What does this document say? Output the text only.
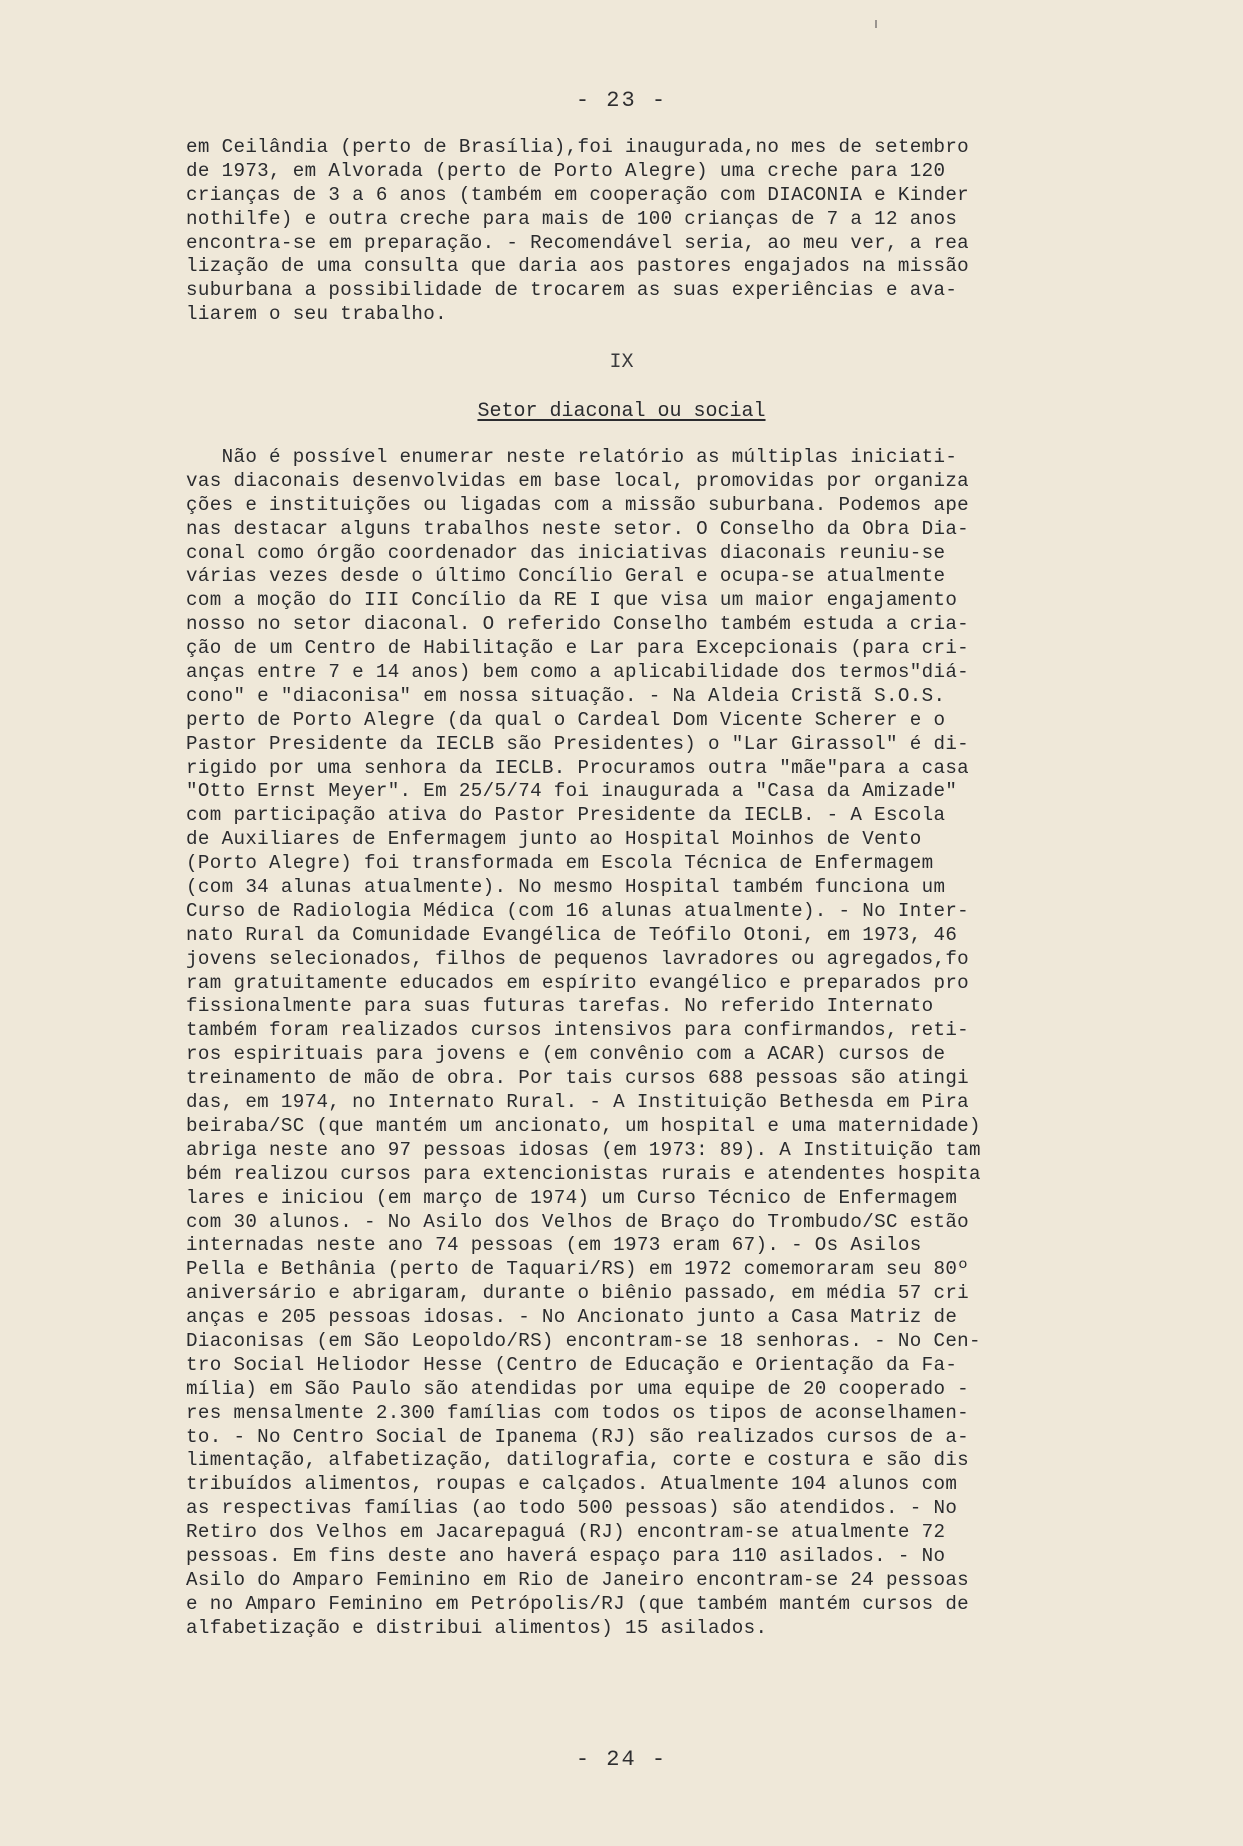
- 23 -
em Ceilândia (perto de Brasília),foi inaugurada,no mes de setembro
de 1973, em Alvorada (perto de Porto Alegre) uma creche para 120
crianças de 3 a 6 anos (também em cooperação com DIACONIA e Kinder
nothilfe) e outra creche para mais de 100 crianças de 7 a 12 anos
encontra-se em preparação. - Recomendável seria, ao meu ver, a rea
lização de uma consulta que daria aos pastores engajados na missão
suburbana a possibilidade de trocarem as suas experiências e ava-
liarem o seu trabalho.
IX
Setor diaconal ou social
Não é possível enumerar neste relatório as múltiplas iniciati-
vas diaconais desenvolvidas em base local, promovidas por organiza
ções e instituições ou ligadas com a missão suburbana. Podemos ape
nas destacar alguns trabalhos neste setor. O Conselho da Obra Dia-
conal como órgão coordenador das iniciativas diaconais reuniu-se
várias vezes desde o último Concílio Geral e ocupa-se atualmente
com a moção do III Concílio da RE I que visa um maior engajamento
nosso no setor diaconal. O referido Conselho também estuda a cria-
ção de um Centro de Habilitação e Lar para Excepcionais (para cri-
anças entre 7 e 14 anos) bem como a aplicabilidade dos termos"diá-
cono" e "diaconisa" em nossa situação. - Na Aldeia Cristã S.O.S.
perto de Porto Alegre (da qual o Cardeal Dom Vicente Scherer e o
Pastor Presidente da IECLB são Presidentes) o "Lar Girassol" é di-
rigido por uma senhora da IECLB. Procuramos outra "mãe"para a casa
"Otto Ernst Meyer". Em 25/5/74 foi inaugurada a "Casa da Amizade"
com participação ativa do Pastor Presidente da IECLB. - A Escola
de Auxiliares de Enfermagem junto ao Hospital Moinhos de Vento
(Porto Alegre) foi transformada em Escola Técnica de Enfermagem
(com 34 alunas atualmente). No mesmo Hospital também funciona um
Curso de Radiologia Médica (com 16 alunas atualmente). - No Inter-
nato Rural da Comunidade Evangélica de Teófilo Otoni, em 1973, 46
jovens selecionados, filhos de pequenos lavradores ou agregados,fo
ram gratuitamente educados em espírito evangélico e preparados pro
fissionalmente para suas futuras tarefas. No referido Internato
também foram realizados cursos intensivos para confirmandos, reti-
ros espirituais para jovens e (em convênio com a ACAR) cursos de
treinamento de mão de obra. Por tais cursos 688 pessoas são atingi
das, em 1974, no Internato Rural. - A Instituição Bethesda em Pira
beiraba/SC (que mantém um ancionato, um hospital e uma maternidade)
abriga neste ano 97 pessoas idosas (em 1973: 89). A Instituição tam
bém realizou cursos para extencionistas rurais e atendentes hospita
lares e iniciou (em março de 1974) um Curso Técnico de Enfermagem
com 30 alunos. - No Asilo dos Velhos de Braço do Trombudo/SC estão
internadas neste ano 74 pessoas (em 1973 eram 67). - Os Asilos
Pella e Bethânia (perto de Taquari/RS) em 1972 comemoraram seu 80º
aniversário e abrigaram, durante o biênio passado, em média 57 cri
anças e 205 pessoas idosas. - No Ancionato junto a Casa Matriz de
Diaconisas (em São Leopoldo/RS) encontram-se 18 senhoras. - No Cen-
tro Social Heliodor Hesse (Centro de Educação e Orientação da Fa-
mília) em São Paulo são atendidas por uma equipe de 20 cooperado -
res mensalmente 2.300 famílias com todos os tipos de aconselhamen-
to. - No Centro Social de Ipanema (RJ) são realizados cursos de a-
limentação, alfabetização, datilografia, corte e costura e são dis
tribuídos alimentos, roupas e calçados. Atualmente 104 alunos com
as respectivas famílias (ao todo 500 pessoas) são atendidos. - No
Retiro dos Velhos em Jacarepaguá (RJ) encontram-se atualmente 72
pessoas. Em fins deste ano haverá espaço para 110 asilados. - No
Asilo do Amparo Feminino em Rio de Janeiro encontram-se 24 pessoas
e no Amparo Feminino em Petrópolis/RJ (que também mantém cursos de
alfabetização e distribui alimentos) 15 asilados.
- 24 -
